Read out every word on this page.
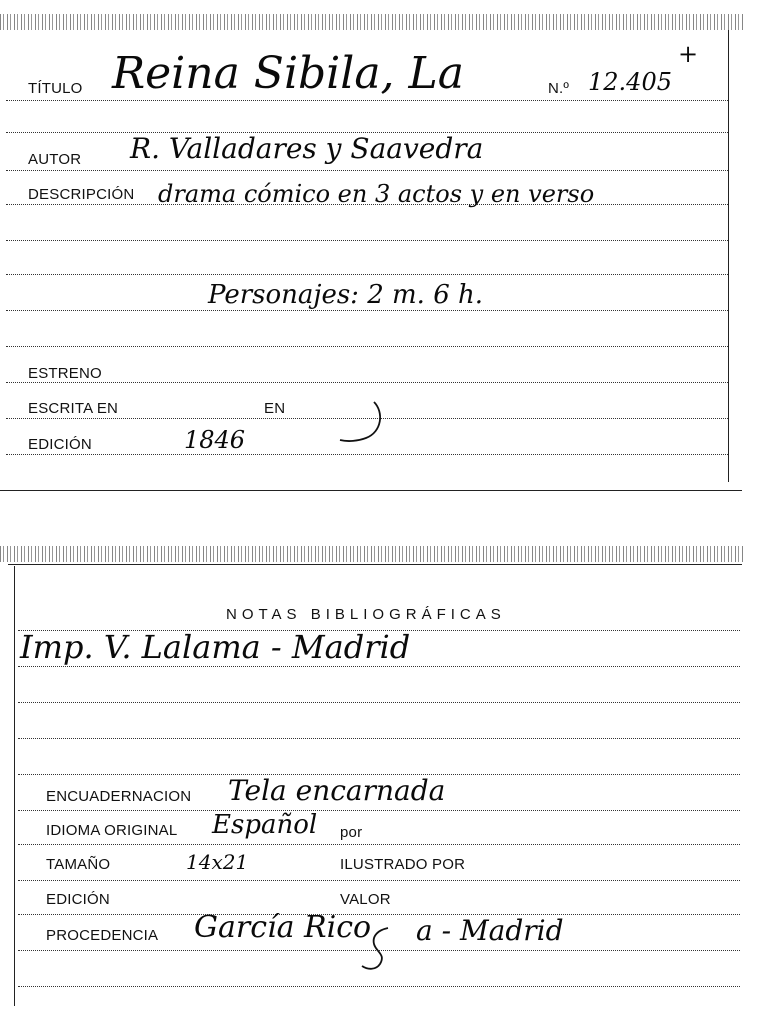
TÍTULO Reina Sibila, La	N.º 12.405
+
AUTOR R. Valladares y Saavedra
DESCRIPCIÓN drama cómico en 3 actos y en verso
Personajes: 2 m. 6 h.
ESTRENO
ESCRITA EN	EN
EDICIÓN	1846
NOTAS BIBLIOGRÁFICAS
Imp. V. Lalama - Madrid
ENCUADERNACION Tela encarnada
IDIOMA ORIGINAL Español por
TAMAÑO	14x21	ILUSTRADO POR
EDICIÓN	VALOR
PROCEDENCIA García Rico a - Madrid
